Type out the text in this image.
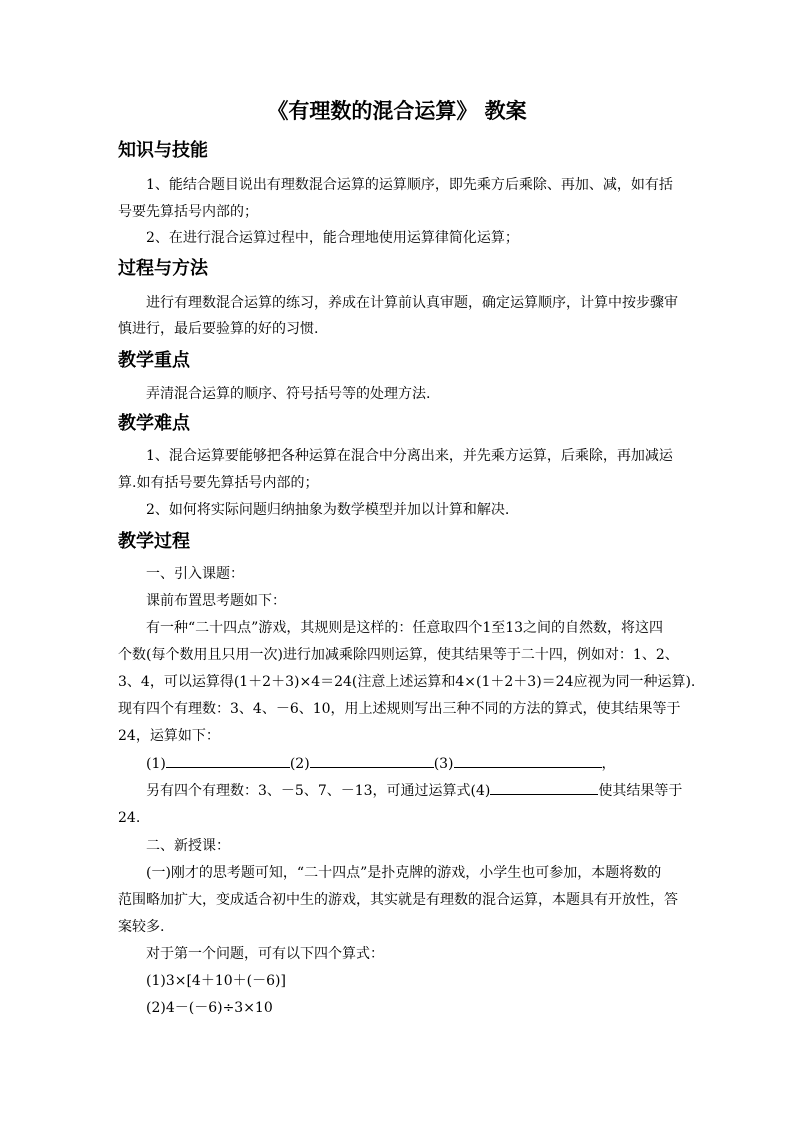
《有理数的混合运算》 教案
知识与技能
1、能结合题目说出有理数混合运算的运算顺序，即先乘方后乘除、再加、减，如有括
号要先算括号内部的；
2、在进行混合运算过程中，能合理地使用运算律简化运算；
过程与方法
进行有理数混合运算的练习，养成在计算前认真审题，确定运算顺序，计算中按步骤审
慎进行，最后要验算的好的习惯.
教学重点
弄清混合运算的顺序、符号括号等的处理方法.
教学难点
1、混合运算要能够把各种运算在混合中分离出来，并先乘方运算，后乘除，再加减运
算.如有括号要先算括号内部的；
2、如何将实际问题归纳抽象为数学模型并加以计算和解决.
教学过程
一、引入课题：
课前布置思考题如下：
有一种“二十四点”游戏，其规则是这样的：任意取四个1至13之间的自然数，将这四
个数(每个数用且只用一次)进行加减乘除四则运算，使其结果等于二十四，例如对：1、2、
3、4，可以运算得(1＋2＋3)×4＝24(注意上述运算和4×(1＋2＋3)＝24应视为同一种运算).
现有四个有理数：3、4、－6、10，用上述规则写出三种不同的方法的算式，使其结果等于
24，运算如下：
(1)	(2)	(3)	，
另有四个有理数：3、－5、7、－13，可通过运算式(4)	使其结果等于
24.
二、新授课：
(一)刚才的思考题可知，“二十四点”是扑克牌的游戏，小学生也可参加，本题将数的
范围略加扩大，变成适合初中生的游戏，其实就是有理数的混合运算，本题具有开放性，答
案较多.
对于第一个问题，可有以下四个算式：
(1)3×[4＋10＋(－6)]
(2)4－(－6)÷3×10
